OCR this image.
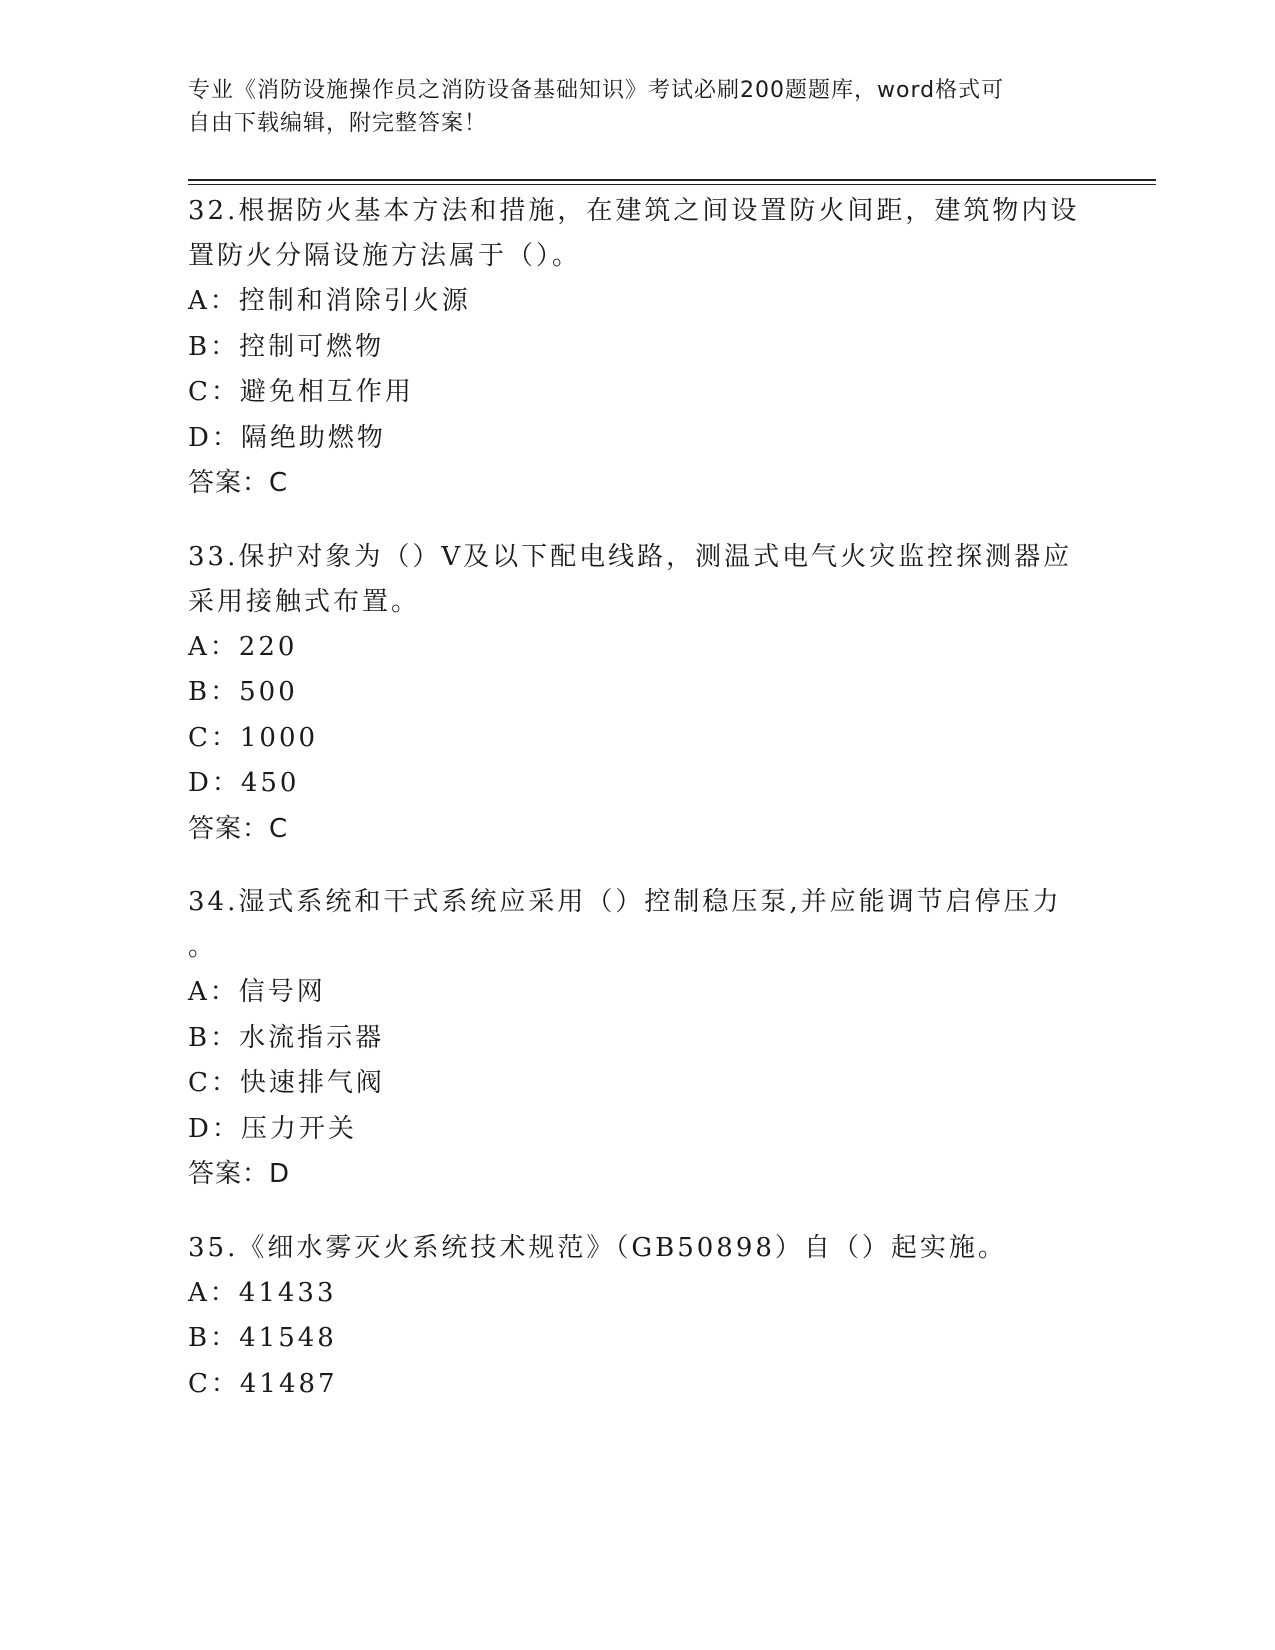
专业《消防设施操作员之消防设备基础知识》考试必刷200题题库，word格式可
自由下载编辑，附完整答案！
32.根据防火基本方法和措施，在建筑之间设置防火间距，建筑物内设
置防火分隔设施方法属于（）。
A：控制和消除引火源
B：控制可燃物
C：避免相互作用
D：隔绝助燃物
答案：C
33.保护对象为（）V及以下配电线路，测温式电气火灾监控探测器应
采用接触式布置。
A：220
B：500
C：1000
D：450
答案：C
34.湿式系统和干式系统应采用（）控制稳压泵,并应能调节启停压力
。
A：信号网
B：水流指示器
C：快速排气阀
D：压力开关
答案：D
35.《细水雾灭火系统技术规范》（GB50898）自（）起实施。
A：41433
B：41548
C：41487
